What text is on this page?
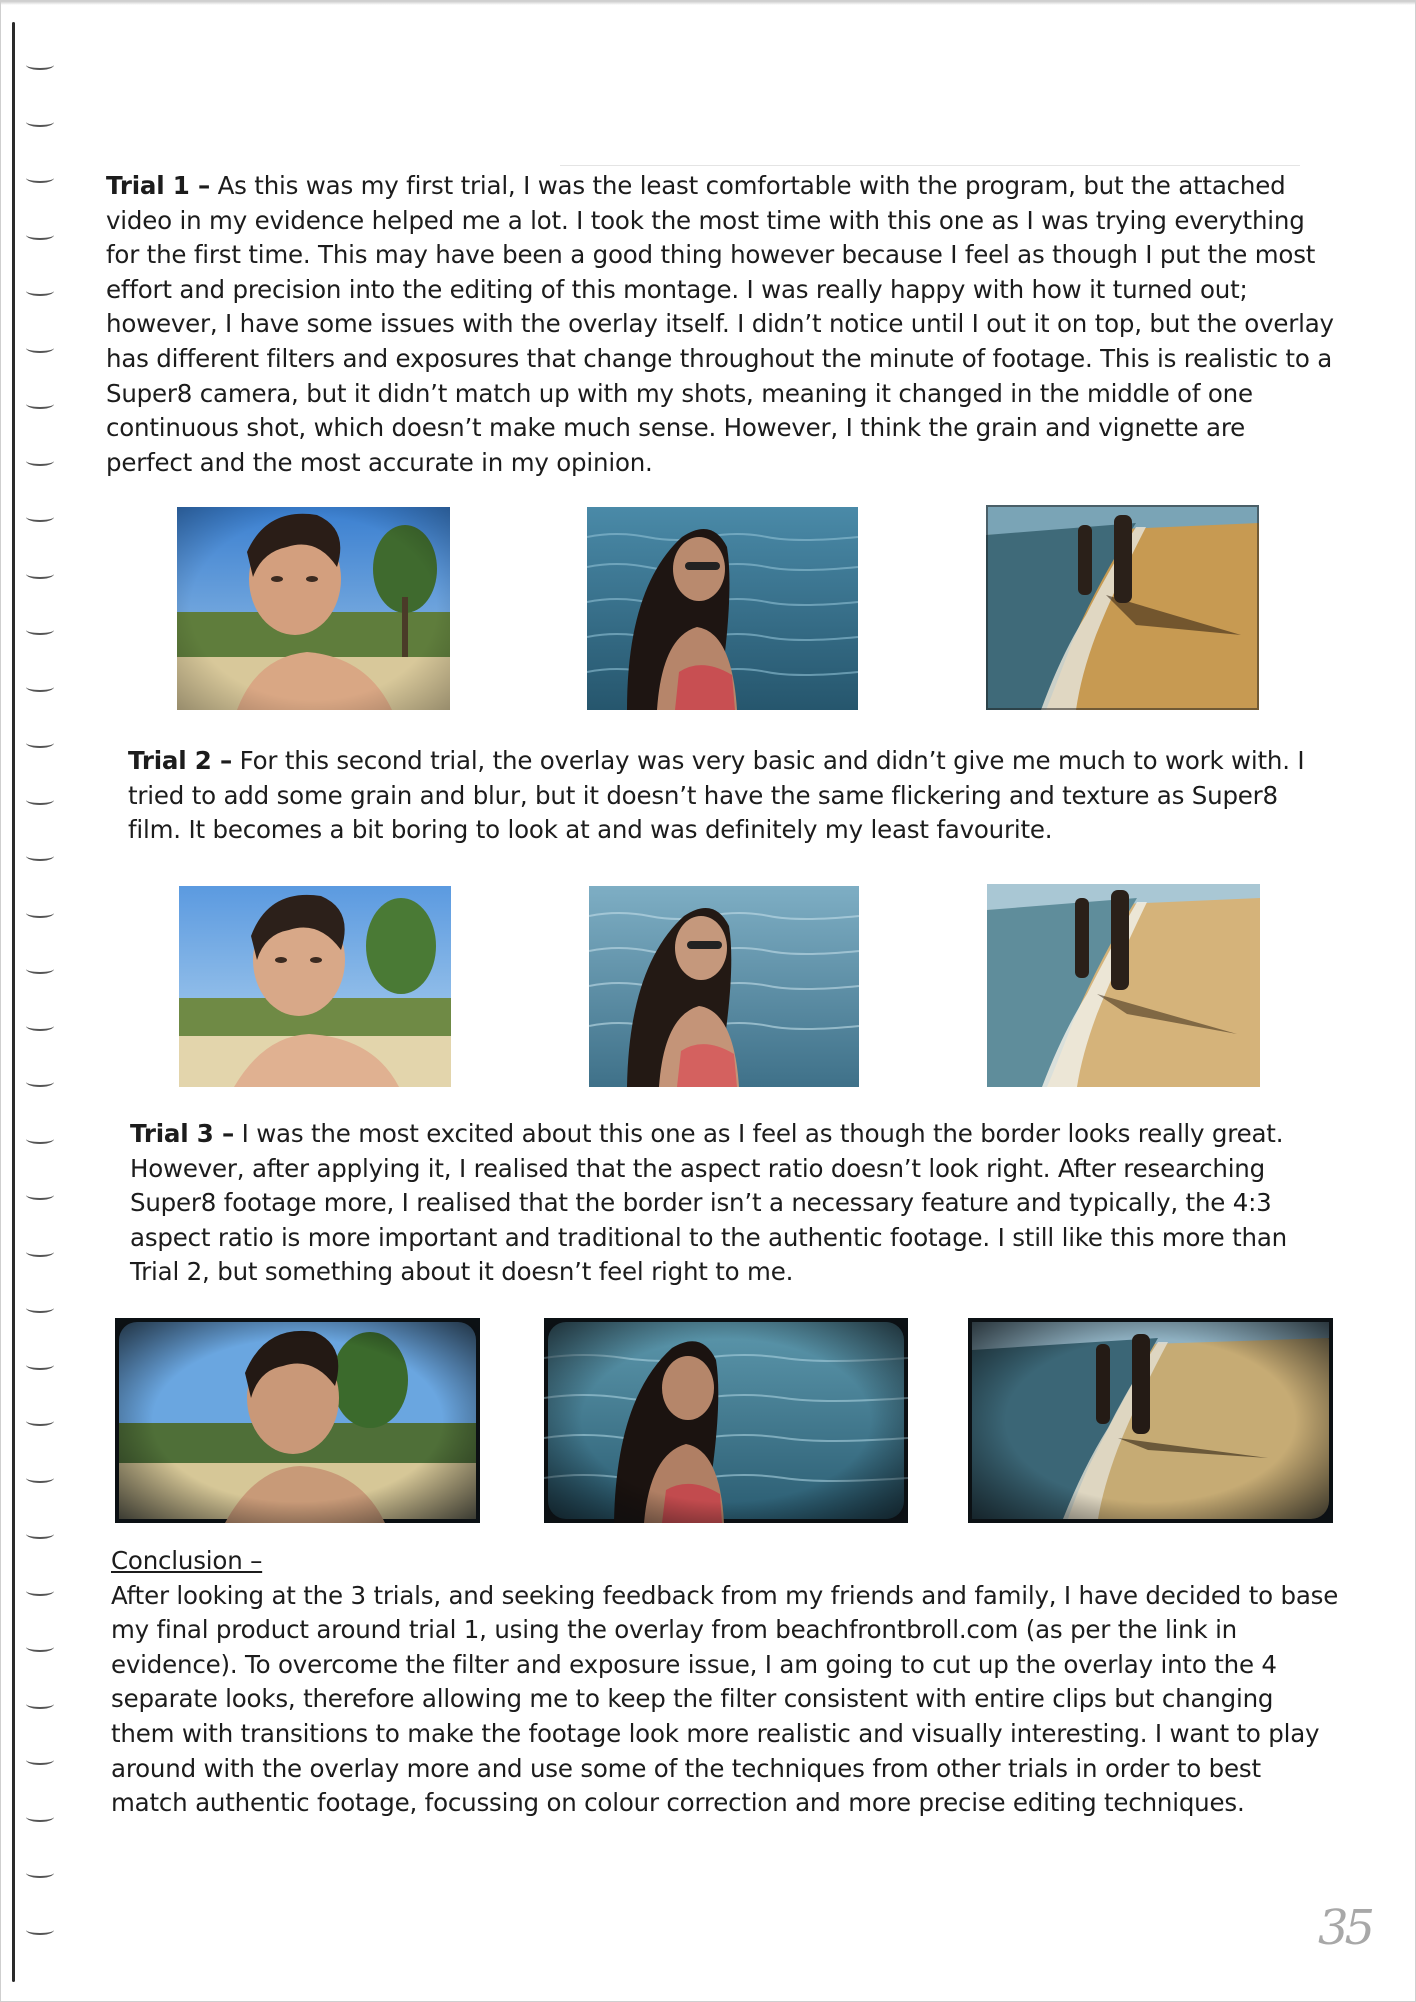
Trial 1 – As this was my first trial, I was the least comfortable with the program, but the attached video in my evidence helped me a lot. I took the most time with this one as I was trying everything for the first time. This may have been a good thing however because I feel as though I put the most effort and precision into the editing of this montage. I was really happy with how it turned out; however, I have some issues with the overlay itself. I didn’t notice until I out it on top, but the overlay has different filters and exposures that change throughout the minute of footage. This is realistic to a Super8 camera, but it didn’t match up with my shots, meaning it changed in the middle of one continuous shot, which doesn’t make much sense. However, I think the grain and vignette are perfect and the most accurate in my opinion.

Trial 2 – For this second trial, the overlay was very basic and didn’t give me much to work with. I tried to add some grain and blur, but it doesn’t have the same flickering and texture as Super8 film. It becomes a bit boring to look at and was definitely my least favourite.

Trial 3 – I was the most excited about this one as I feel as though the border looks really great. However, after applying it, I realised that the aspect ratio doesn’t look right. After researching Super8 footage more, I realised that the border isn’t a necessary feature and typically, the 4:3 aspect ratio is more important and traditional to the authentic footage. I still like this more than Trial 2, but something about it doesn’t feel right to me.

Conclusion –
After looking at the 3 trials, and seeking feedback from my friends and family, I have decided to base my final product around trial 1, using the overlay from beachfrontbroll.com (as per the link in evidence). To overcome the filter and exposure issue, I am going to cut up the overlay into the 4 separate looks, therefore allowing me to keep the filter consistent with entire clips but changing them with transitions to make the footage look more realistic and visually interesting. I want to play around with the overlay more and use some of the techniques from other trials in order to best match authentic footage, focussing on colour correction and more precise editing techniques.

35
